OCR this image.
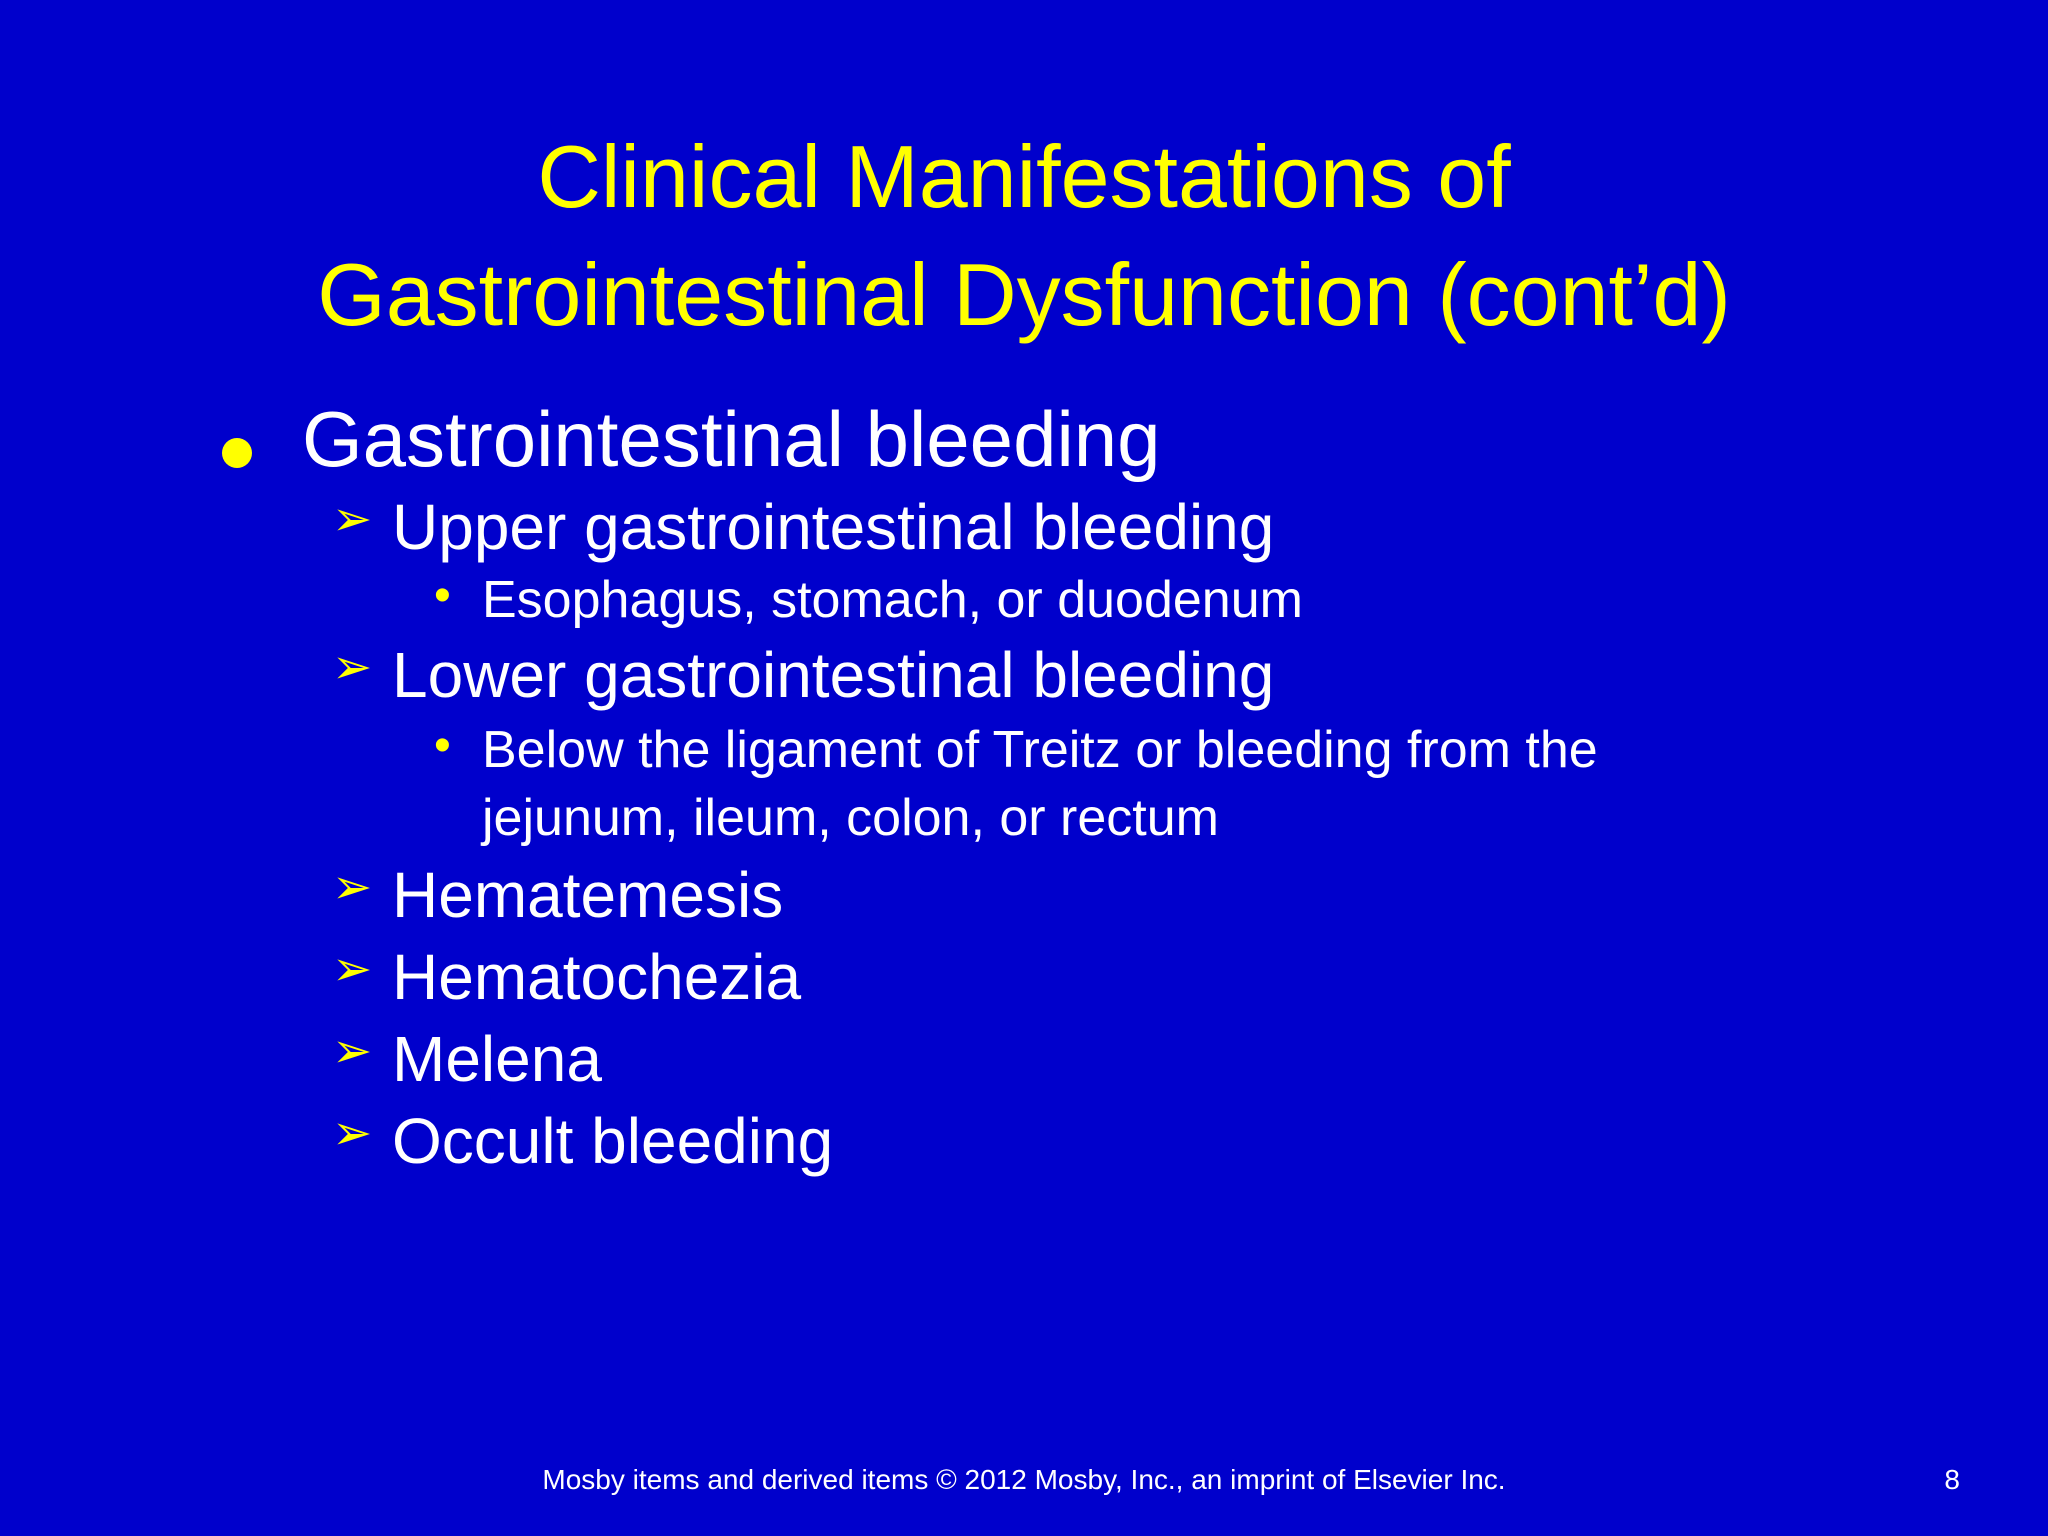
Clinical Manifestations of
Gastrointestinal Dysfunction (cont’d)
Gastrointestinal bleeding
➢ Upper gastrointestinal bleeding
• Esophagus, stomach, or duodenum
➢ Lower gastrointestinal bleeding
• Below the ligament of Treitz or bleeding from the
jejunum, ileum, colon, or rectum
➢ Hematemesis
➢ Hematochezia
➢ Melena
➢ Occult bleeding
Mosby items and derived items © 2012 Mosby, Inc., an imprint of Elsevier Inc.	8
